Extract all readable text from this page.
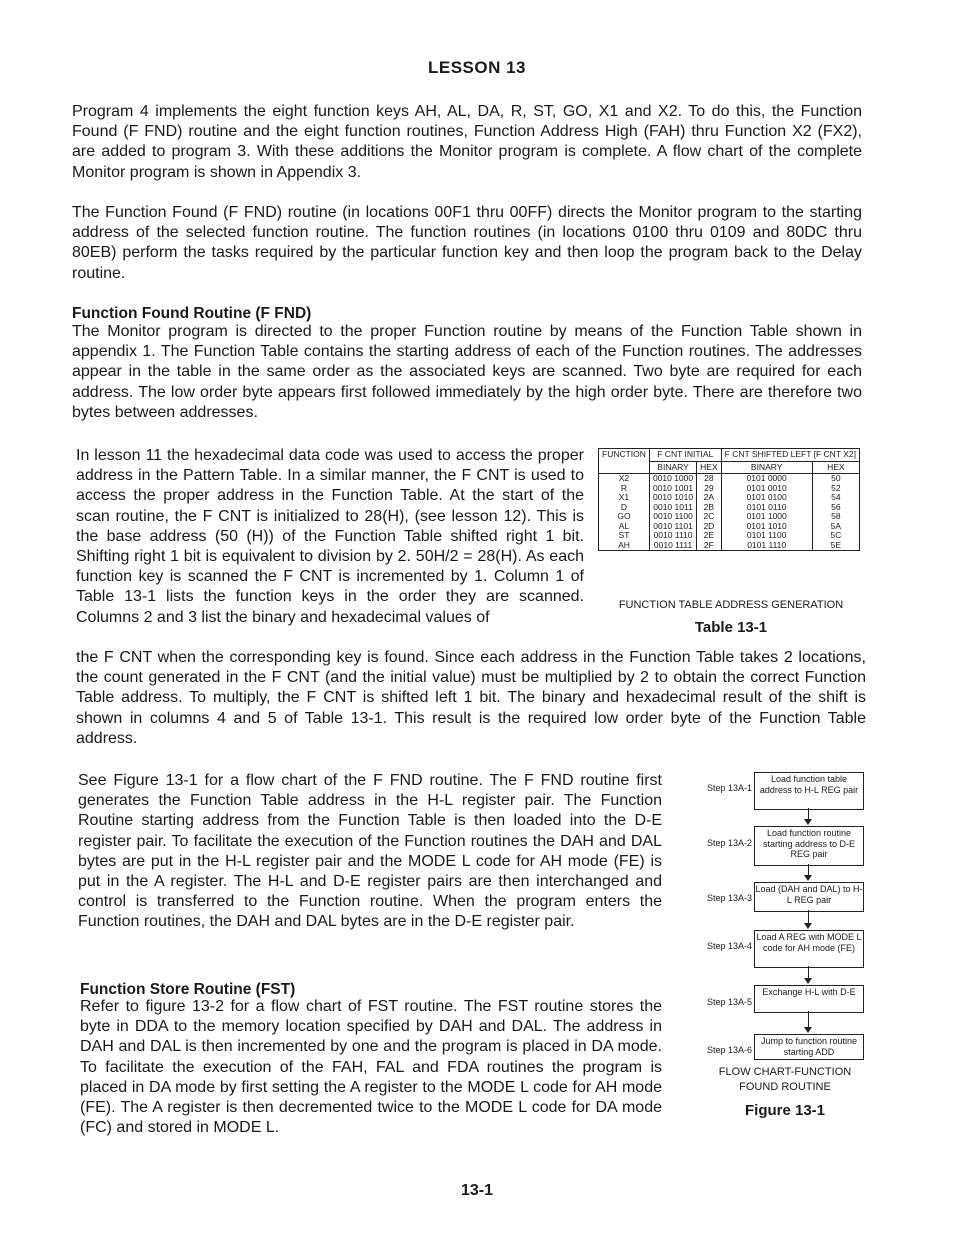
LESSON 13
Program 4 implements the eight function keys AH, AL, DA, R, ST, GO, X1 and X2. To do this, the Function Found (F FND) routine and the eight function routines, Function Address High (FAH) thru Function X2 (FX2), are added to program 3. With these additions the Monitor program is complete. A flow chart of the complete Monitor program is shown in Appendix 3.
The Function Found (F FND) routine (in locations 00F1 thru 00FF) directs the Monitor program to the starting address of the selected function routine. The function routines (in locations 0100 thru 0109 and 80DC thru 80EB) perform the tasks required by the particular function key and then loop the program back to the Delay routine.
Function Found Routine (F FND)
The Monitor program is directed to the proper Function routine by means of the Function Table shown in appendix 1. The Function Table contains the starting address of each of the Function routines. The addresses appear in the table in the same order as the associated keys are scanned. Two byte are required for each address. The low order byte appears first followed immediately by the high order byte. There are therefore two bytes between addresses.
In lesson 11 the hexadecimal data code was used to access the proper address in the Pattern Table. In a similar manner, the F CNT is used to access the proper address in the Function Table. At the start of the scan routine, the F CNT is initialized to 28(H), (see lesson 12). This is the base address (50 (H)) of the Function Table shifted right 1 bit. Shifting right 1 bit is equivalent to division by 2. 50H/2 = 28(H). As each function key is scanned the F CNT is incremented by 1. Column 1 of Table 13-1 lists the function keys in the order they are scanned. Columns 2 and 3 list the binary and hexadecimal values of
the F CNT when the corresponding key is found. Since each address in the Function Table takes 2 locations, the count generated in the F CNT (and the initial value) must be multiplied by 2 to obtain the correct Function Table address. To multiply, the F CNT is shifted left 1 bit. The binary and hexadecimal result of the shift is shown in columns 4 and 5 of Table 13-1. This result is the required low order byte of the Function Table address.
FUNCTION	F CNT INITIAL		F CNT SHIFTED LEFT [F CNT X2]	
	BINARY	HEX	BINARY	HEX
X2	0010 1000	28	0101 0000	50
R	0010 1001	29	0101 0010	52
X1	0010 1010	2A	0101 0100	54
D	0010 1011	2B	0101 0110	56
GO	0010 1100	2C	0101 1000	58
AL	0010 1101	2D	0101 1010	5A
ST	0010 1110	2E	0101 1100	5C
AH	0010 1111	2F	0101 1110	5E
FUNCTION TABLE ADDRESS GENERATION
Table 13-1
See Figure 13-1 for a flow chart of the F FND routine. The F FND routine first generates the Function Table address in the H-L register pair. The Function Routine starting address from the Function Table is then loaded into the D-E register pair. To facilitate the execution of the Function routines the DAH and DAL bytes are put in the H-L register pair and the MODE L code for AH mode (FE) is put in the A register. The H-L and D-E register pairs are then interchanged and control is transferred to the Function routine. When the program enters the Function routines, the DAH and DAL bytes are in the D-E register pair.
Function Store Routine (FST)
Refer to figure 13-2 for a flow chart of FST routine. The FST routine stores the byte in DDA to the memory location specified by DAH and DAL. The address in DAH and DAL is then incremented by one and the program is placed in DA mode. To facilitate the execution of the FAH, FAL and FDA routines the program is placed in DA mode by first setting the A register to the MODE L code for AH mode (FE). The A register is then decremented twice to the MODE L code for DA mode (FC) and stored in MODE L.
Step 13A-1
Load function table address to H-L REG pair
Step 13A-2
Load function routine starting address to D-E REG pair
Step 13A-3
Load (DAH and DAL) to H-L REG pair
Step 13A-4
Load A REG with MODE L code for AH mode (FE)
Step 13A-5
Exchange H-L with D-E
Step 13A-6
Jump to function routine starting ADD
FLOW CHART-FUNCTION FOUND ROUTINE
Figure 13-1
13-1
